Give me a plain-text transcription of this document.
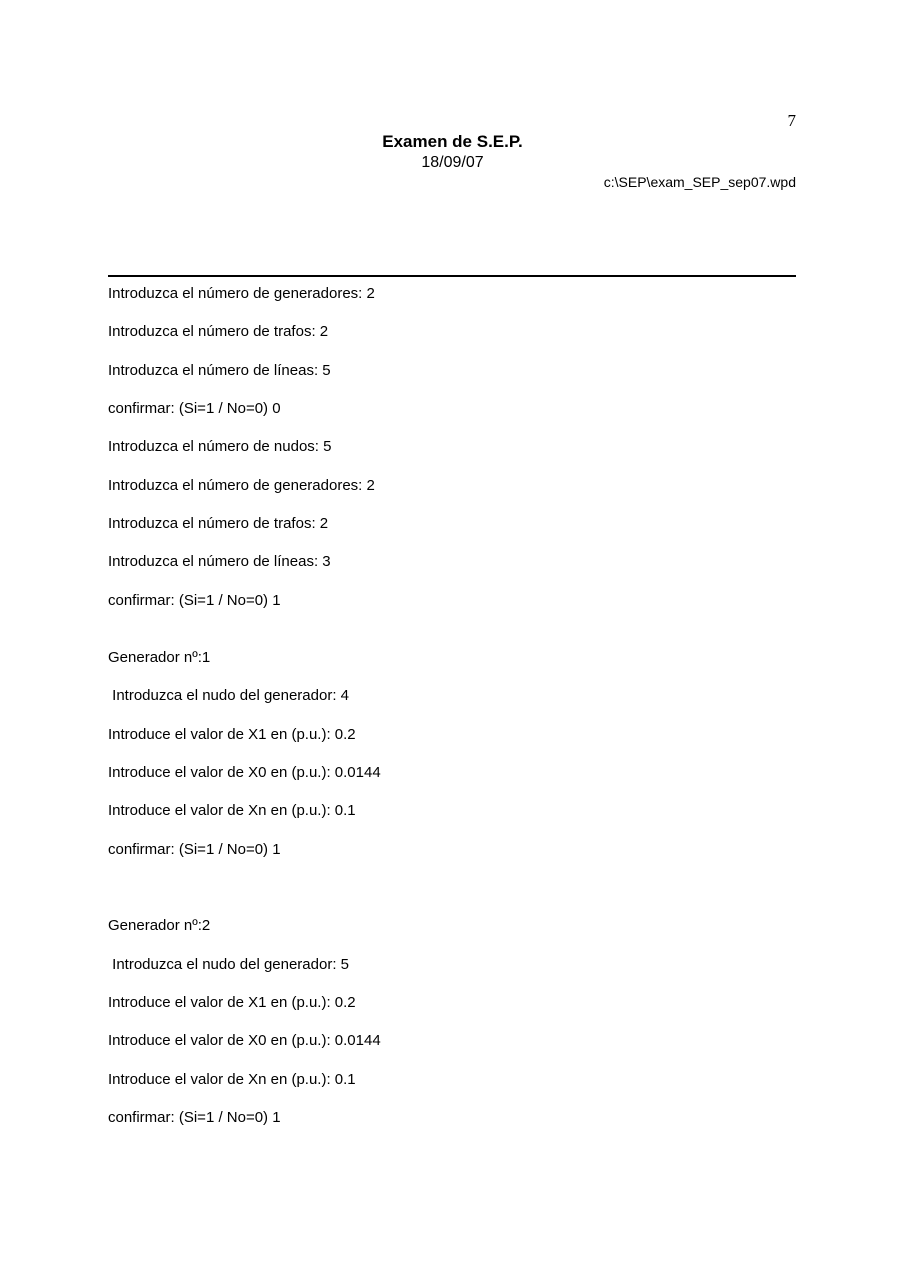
7
Examen de S.E.P.
18/09/07
c:\SEP\exam_SEP_sep07.wpd
Introduzca el número de generadores: 2
Introduzca el número de trafos: 2
Introduzca el número de líneas: 5
confirmar: (Si=1 / No=0) 0
Introduzca el número de nudos: 5
Introduzca el número de generadores: 2
Introduzca el número de trafos: 2
Introduzca el número de líneas: 3
confirmar: (Si=1 / No=0) 1
Generador nº:1
Introduzca el nudo del generador: 4
Introduce el valor de X1 en (p.u.): 0.2
Introduce el valor de X0 en (p.u.): 0.0144
Introduce el valor de Xn en (p.u.): 0.1
confirmar: (Si=1 / No=0) 1
Generador nº:2
Introduzca el nudo del generador: 5
Introduce el valor de X1 en (p.u.): 0.2
Introduce el valor de X0 en (p.u.): 0.0144
Introduce el valor de Xn en (p.u.): 0.1
confirmar: (Si=1 / No=0) 1
